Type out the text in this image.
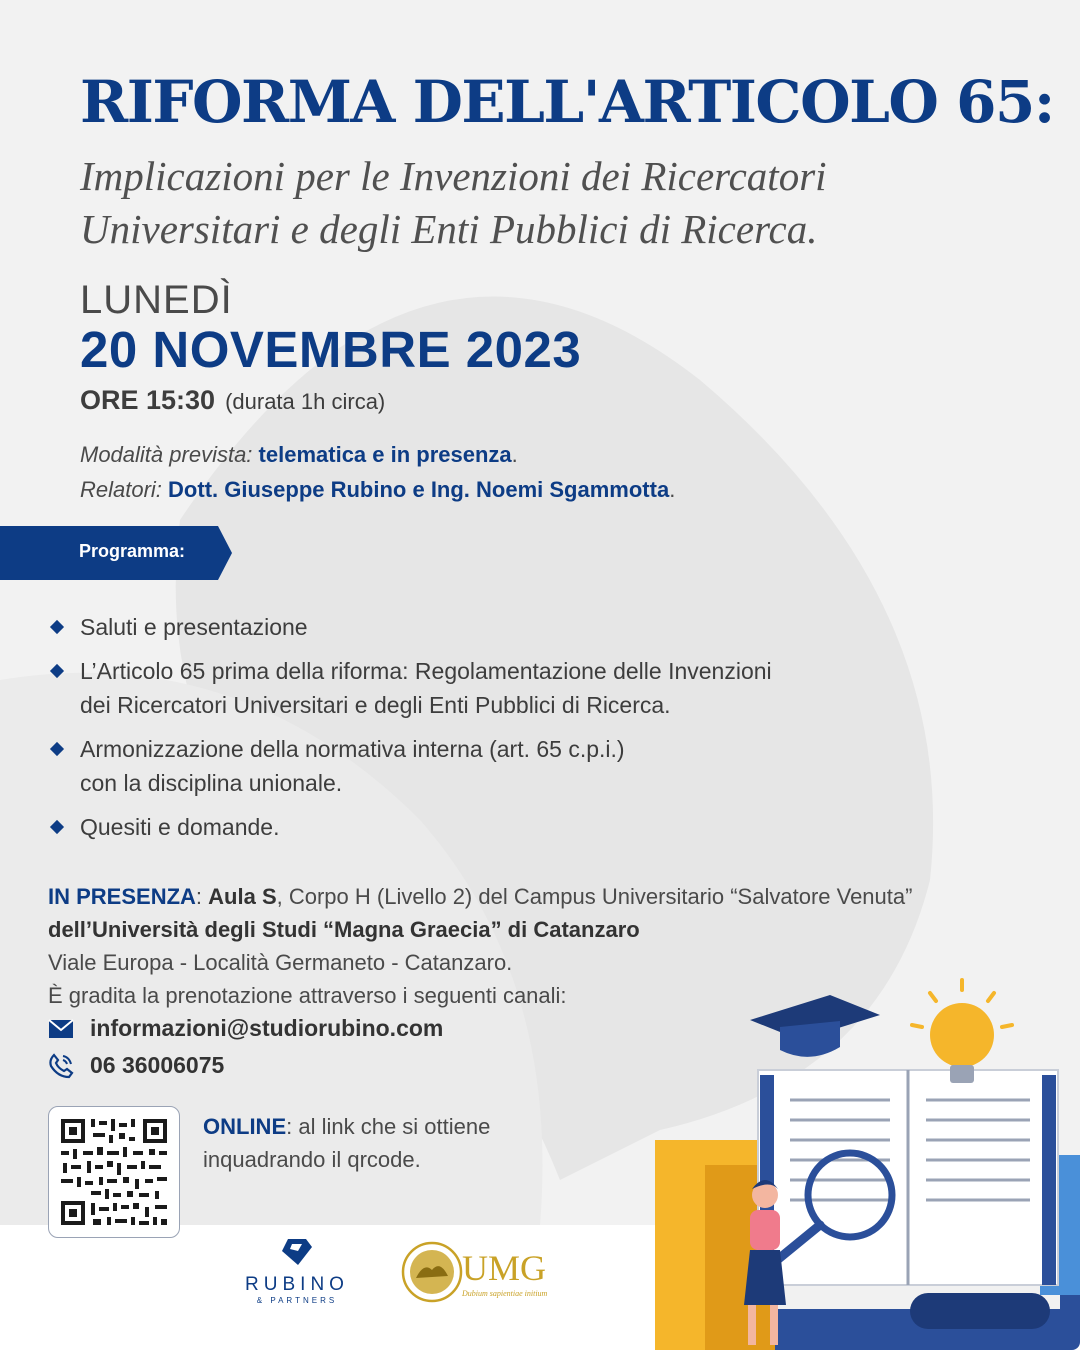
RIFORMA DELL'ARTICOLO 65:
Implicazioni per le Invenzioni dei Ricercatori
Universitari e degli Enti Pubblici di Ricerca.
LUNEDÌ
20 NOVEMBRE 2023
ORE 15:30 (durata 1h circa)
Modalità prevista: telematica e in presenza.
Relatori: Dott. Giuseppe Rubino e Ing. Noemi Sgammotta.
Programma:
Saluti e presentazione
L’Articolo 65 prima della riforma: Regolamentazione delle Invenzioni
dei Ricercatori Universitari e degli Enti Pubblici di Ricerca.
Armonizzazione della normativa interna (art. 65 c.p.i.)
con la disciplina unionale.
Quesiti e domande.
IN PRESENZA: Aula S, Corpo H (Livello 2) del Campus Universitario “Salvatore Venuta” dell’Università degli Studi “Magna Graecia” di Catanzaro
Viale Europa - Località Germaneto - Catanzaro.
È gradita la prenotazione attraverso i seguenti canali:
informazioni@studiorubino.com
06 36006075
ONLINE: al link che si ottiene inquadrando il qrcode.
RUBINO
& PARTNERS
UMG
Dubium sapientiae initium
